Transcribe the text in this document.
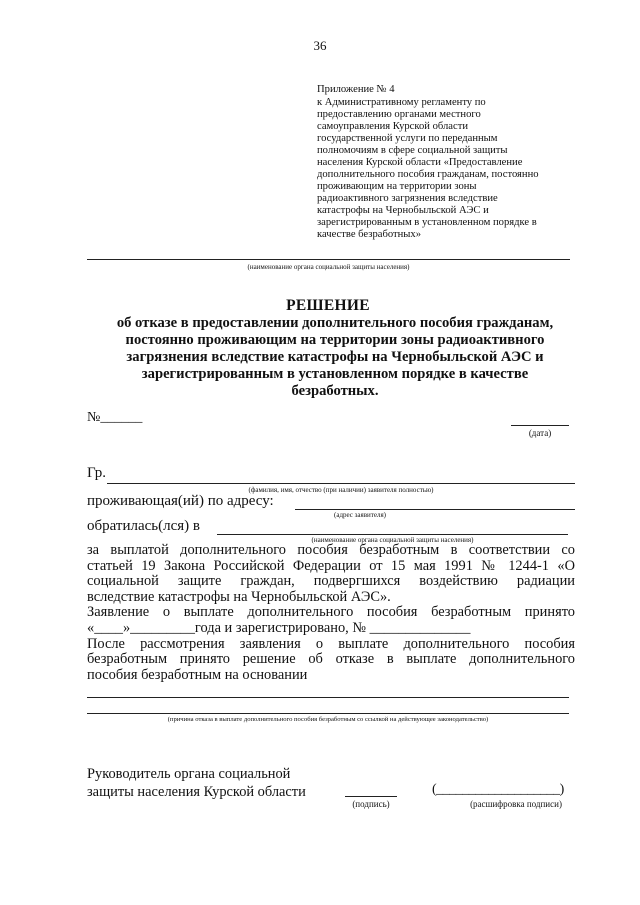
36
Приложение № 4
к Административному регламенту по
предоставлению органами местного
самоуправления Курской области
государственной услуги по переданным
полномочиям в сфере социальной защиты
населения Курской области «Предоставление
дополнительного пособия гражданам, постоянно
проживающим на территории зоны
радиоактивного загрязнения вследствие
катастрофы на Чернобыльской АЭС и
зарегистрированным в установленном порядке в
качестве безработных»
(наименование органа социальной защиты населения)
РЕШЕНИЕ
об отказе в предоставлении дополнительного пособия гражданам,
постоянно проживающим на территории зоны радиоактивного
загрязнения вследствие катастрофы на Чернобыльской АЭС и
зарегистрированным в установленном порядке в качестве
безработных.
№______
(дата)
Гр.
(фамилия, имя, отчество (при наличии) заявителя полностью)
проживающая(ий) по адресу:
(адрес заявителя)
обратилась(лся) в
(наименование органа социальной защиты населения)
за выплатой дополнительного пособия безработным в соответствии со
статьей 19 Закона Российской Федерации от 15 мая 1991 № 1244-1 «О
социальной защите граждан, подвергшихся воздействию радиации
вследствие катастрофы на Чернобыльской АЭС».
Заявление о выплате дополнительного пособия безработным принято
«____»_________года и зарегистрировано, № ______________
После рассмотрения заявления о выплате дополнительного пособия
безработным принято решение об отказе в выплате дополнительного
пособия безработным на основании
(причина отказа в выплате дополнительного пособия безработным со ссылкой на действующее законодательство)
Руководитель органа социальной
защиты населения Курской области
(подпись)
(___________________)
(расшифровка подписи)
